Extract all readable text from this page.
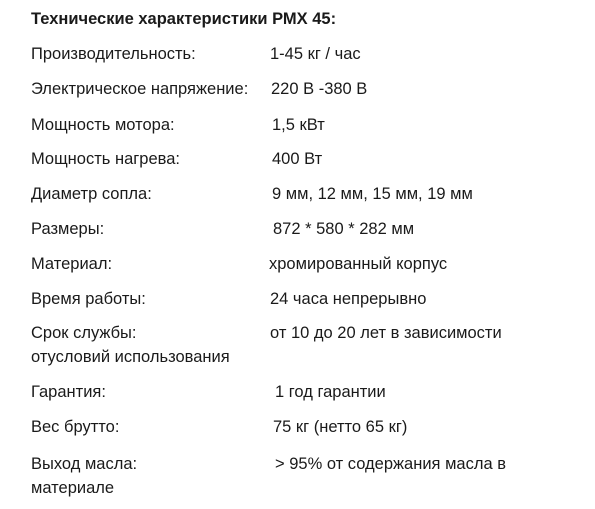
Технические характеристики РМХ 45:
Производительность:	1-45 кг / час
Электрическое напряжение: 220 В -380 В
Мощность мотора:	1,5 кВт
Мощность нагрева:	400 Вт
Диаметр сопла:	9 мм, 12 мм, 15 мм, 19 мм
Размеры:	872 * 580 * 282 мм
Материал:	хромированный корпус
Время работы:	24 часа непрерывно
Срок службы:	от 10 до 20 лет в зависимости
отусловий использования
Гарантия:	1 год гарантии
Вес брутто:	75 кг (нетто 65 кг)
Выход масла:	> 95% от содержания масла в
материале
